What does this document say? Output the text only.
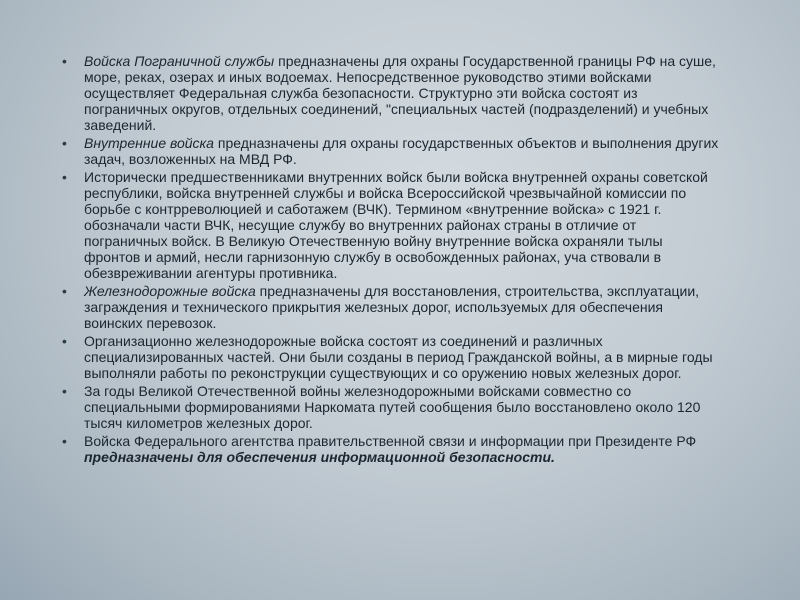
• Войска Пограничной службы предназначены для охраны Государственной границы РФ на суше, море, реках, озерах и иных водоемах. Непосредственное руководство этими войсками осуществляет Федеральная служба безопасности. Структурно эти войска состоят из пограничных округов, отдельных соединений, "специальных частей (подразделений) и учебных заведений.
• Внутренние войска предназначены для охраны государственных объектов и выполнения других задач, возложенных на МВД РФ.
• Исторически предшественниками внутренних войск были войска внутренней охраны советской республики, войска внутренней службы и войска Всероссийской чрезвычайной комиссии по борьбе с контрреволюцией и саботажем (ВЧК). Термином «внутренние войска» с 1921 г. обозначали части ВЧК, несущие службу во внутренних районах страны в отличие от пограничных войск. В Великую Отечественную войну внутренние войска охраняли тылы фронтов и армий, несли гарнизонную службу в освобожденных районах, уча ствовали в обезвреживании агентуры противника.
• Железнодорожные войска предназначены для восстановления, строительства, эксплуатации, заграждения и технического прикрытия железных дорог, используемых для обеспечения воинских перевозок.
• Организационно железнодорожные войска состоят из соединений и различных специализированных частей. Они были созданы в период Гражданской войны, а в мирные годы выполняли работы по реконструкции существующих и со оружению новых железных дорог.
• За годы Великой Отечественной войны железнодорожными войсками совместно со специальными формированиями Наркомата путей сообщения было восстановлено около 120 тысяч километров железных дорог.
• Войска Федерального агентства правительственной связи и информации при Президенте РФ предназначены для обеспечения информационной безопасности.
